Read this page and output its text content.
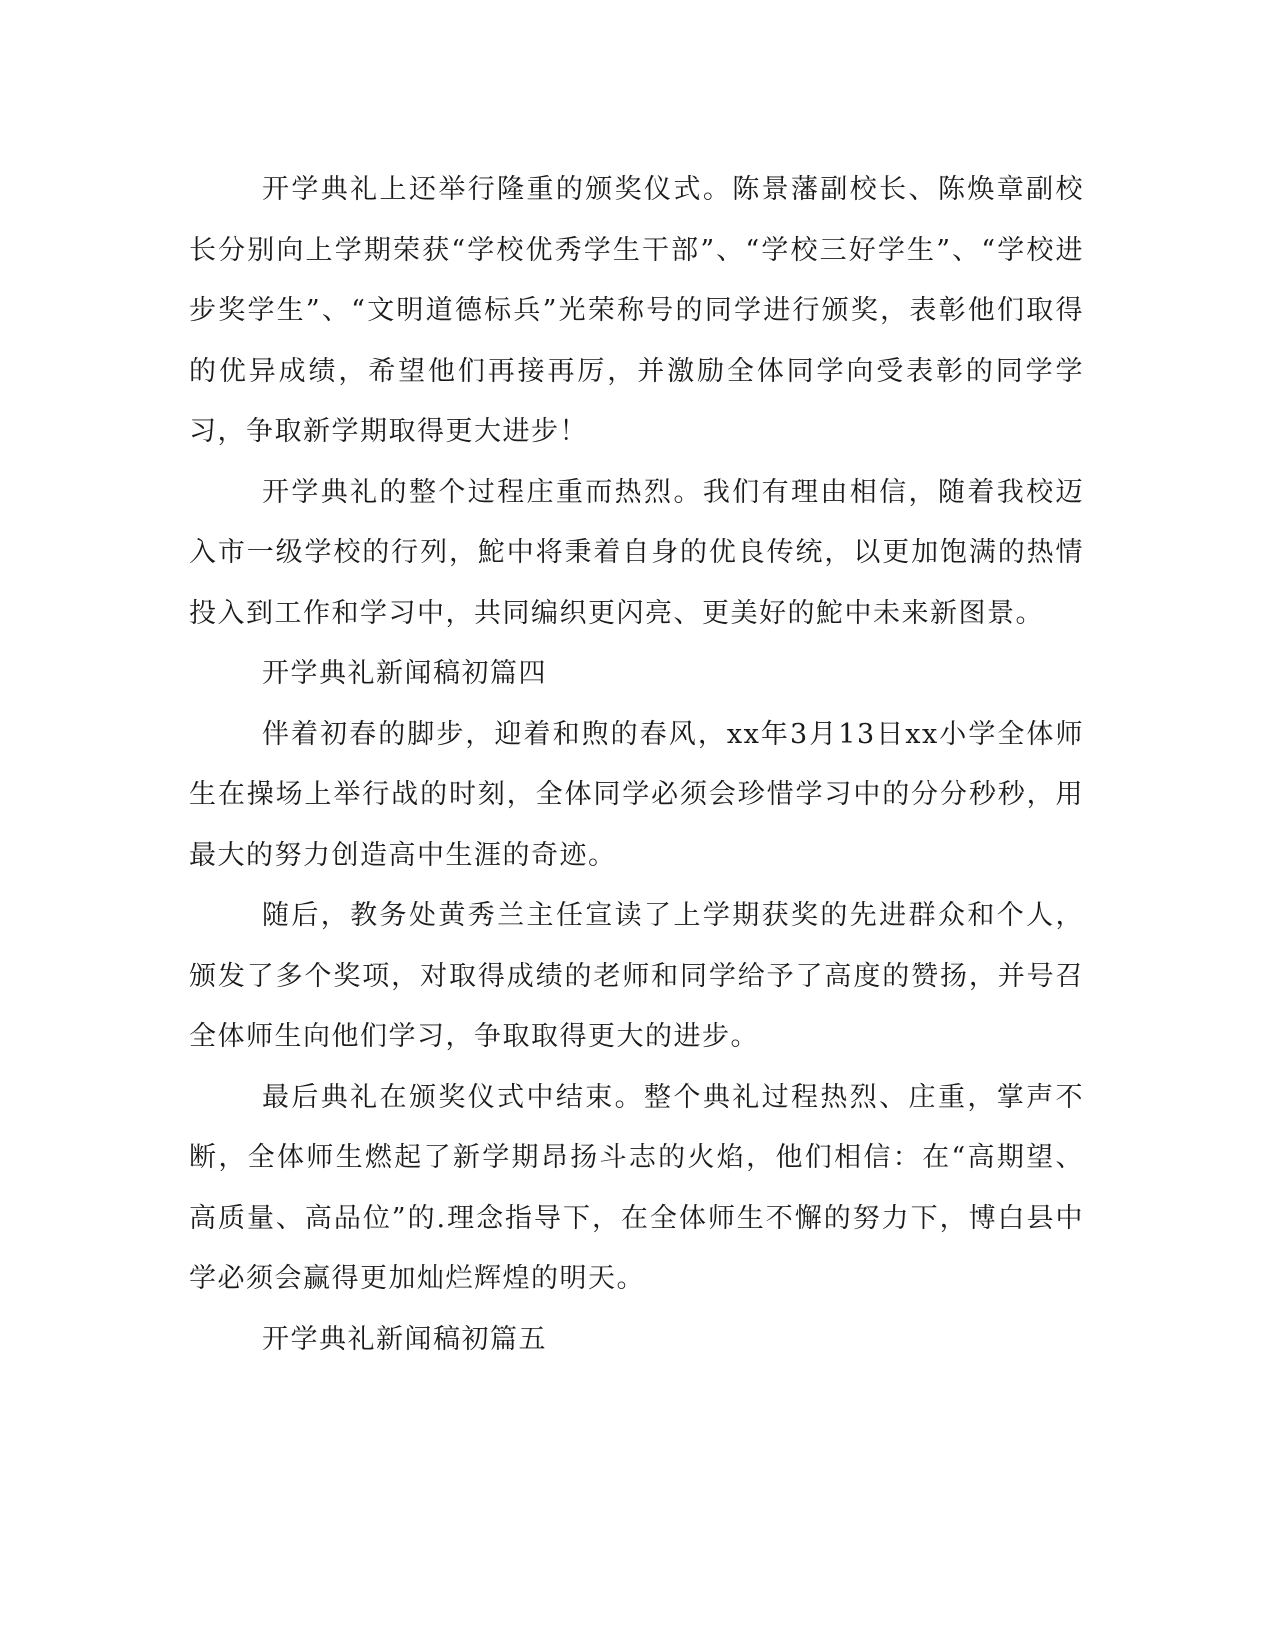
开学典礼上还举行隆重的颁奖仪式。陈景藩副校长、陈焕章副校长分别向上学期荣获“学校优秀学生干部”、“学校三好学生”、“学校进步奖学生”、“文明道德标兵”光荣称号的同学进行颁奖，表彰他们取得的优异成绩，希望他们再接再厉，并激励全体同学向受表彰的同学学习，争取新学期取得更大进步！

开学典礼的整个过程庄重而热烈。我们有理由相信，随着我校迈入市一级学校的行列，鮀中将秉着自身的优良传统，以更加饱满的热情投入到工作和学习中，共同编织更闪亮、更美好的鮀中未来新图景。

开学典礼新闻稿初篇四

伴着初春的脚步，迎着和煦的春风，xx年3月13日xx小学全体师生在操场上举行战的时刻，全体同学必须会珍惜学习中的分分秒秒，用最大的努力创造高中生涯的奇迹。

随后，教务处黄秀兰主任宣读了上学期获奖的先进群众和个人，颁发了多个奖项，对取得成绩的老师和同学给予了高度的赞扬，并号召全体师生向他们学习，争取取得更大的进步。

最后典礼在颁奖仪式中结束。整个典礼过程热烈、庄重，掌声不断，全体师生燃起了新学期昂扬斗志的火焰，他们相信：在“高期望、高质量、高品位”的.理念指导下，在全体师生不懈的努力下，博白县中学必须会赢得更加灿烂辉煌的明天。

开学典礼新闻稿初篇五
